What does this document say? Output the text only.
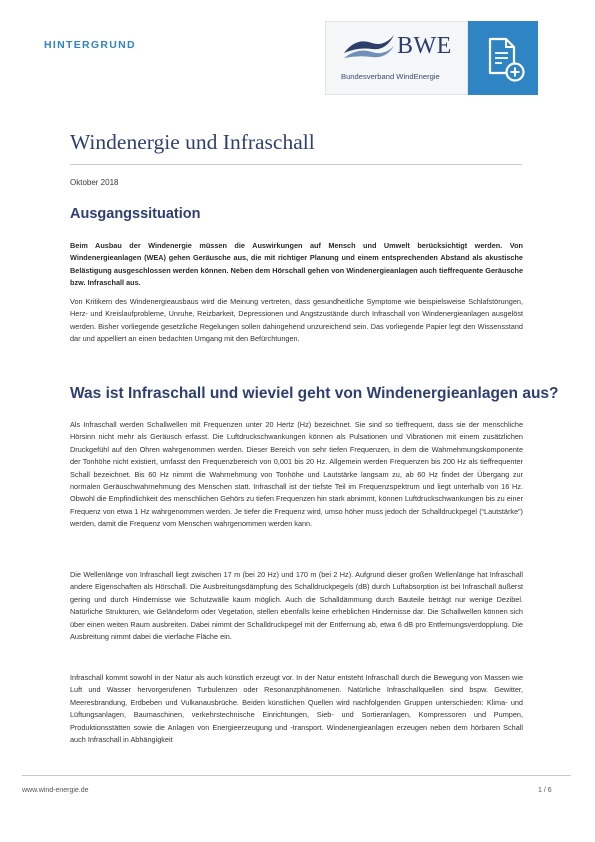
HINTERGRUND	BWE
Bundesverband WindEnergie
Windenergie und Infraschall
Oktober 2018
Ausgangssituation
Beim Ausbau der Windenergie müssen die Auswirkungen auf Mensch und Umwelt berücksichtigt werden. Von Windenergieanlagen (WEA) gehen Geräusche aus, die mit richtiger Planung und einem entsprechenden Abstand als akustische Belästigung ausgeschlossen werden können. Neben dem Hörschall gehen von Windenergieanlagen auch tieffrequente Geräusche bzw. Infraschall aus.
Von Kritikern des Windenergieausbaus wird die Meinung vertreten, dass gesundheitliche Symptome wie beispielsweise Schlafstörungen, Herz- und Kreislaufprobleme, Unruhe, Reizbarkeit, Depressionen und Angstzustände durch Infraschall von Windenergieanlagen ausgelöst werden. Bisher vorliegende gesetzliche Regelungen sollen dahingehend unzureichend sein. Das vorliegende Papier legt den Wissensstand dar und appelliert an einen bedachten Umgang mit den Befürchtungen.
Was ist Infraschall und wieviel geht von Windenergieanlagen aus?
Als Infraschall werden Schallwellen mit Frequenzen unter 20 Hertz (Hz) bezeichnet. Sie sind so tieffrequent, dass sie der menschliche Hörsinn nicht mehr als Geräusch erfasst. Die Luftdruckschwankungen können als Pulsationen und Vibrationen mit einem zusätzlichen Druckgefühl auf den Ohren wahrgenommen werden. Dieser Bereich von sehr tiefen Frequenzen, in dem die Wahrnehmungskomponente der Tonhöhe nicht existiert, umfasst den Frequenzbereich von 0,001 bis 20 Hz. Allgemein werden Frequenzen bis 200 Hz als tieffrequenter Schall bezeichnet. Bis 60 Hz nimmt die Wahrnehmung von Tonhöhe und Lautstärke langsam zu, ab 60 Hz findet der Übergang zur normalen Geräuschwahrnehmung des Menschen statt. Infraschall ist der tiefste Teil im Frequenzspektrum und liegt unterhalb von 16 Hz. Obwohl die Empfindlichkeit des menschlichen Gehörs zu tiefen Frequenzen hin stark abnimmt, können Luftdruckschwankungen bis zu einer Frequenz von etwa 1 Hz wahrgenommen werden. Je tiefer die Frequenz wird, umso höher muss jedoch der Schalldruckpegel (“Lautstärke”) werden, damit die Frequenz vom Menschen wahrgenommen werden kann.
Die Wellenlänge von Infraschall liegt zwischen 17 m (bei 20 Hz) und 170 m (bei 2 Hz). Aufgrund dieser großen Wellenlänge hat Infraschall andere Eigenschaften als Hörschall. Die Ausbreitungsdämpfung des Schalldruckpegels (dB) durch Luftabsorption ist bei Infraschall äußerst gering und durch Hindernisse wie Schutzwälle kaum möglich. Auch die Schalldämmung durch Bauteile beträgt nur wenige Dezibel. Natürliche Strukturen, wie Geländeform oder Vegetation, stellen ebenfalls keine erheblichen Hindernisse dar. Die Schallwellen können sich über einen weiten Raum ausbreiten. Dabei nimmt der Schalldruckpegel mit der Entfernung ab, etwa 6 dB pro Entfernungsverdopplung. Die Ausbreitung nimmt dabei die vierfache Fläche ein.
Infraschall kommt sowohl in der Natur als auch künstlich erzeugt vor. In der Natur entsteht Infraschall durch die Bewegung von Massen wie Luft und Wasser hervorgerufenen Turbulenzen oder Resonanzphänomenen. Natürliche Infraschallquellen sind bspw. Gewitter, Meeresbrandung, Erdbeben und Vulkanausbrüche. Beiden künstlichen Quellen wird nachfolgenden Gruppen unterschieden: Klima- und Lüftungsanlagen, Baumaschinen, verkehrstechnische Einrichtungen, Sieb- und Sortieranlagen, Kompressoren und Pumpen, Produktionsstätten sowie die Anlagen von Energieerzeugung und -transport. Windenergieanlagen erzeugen neben dem hörbaren Schall auch Infraschall in Abhängigkeit
www.wind-energie.de	1 / 6
